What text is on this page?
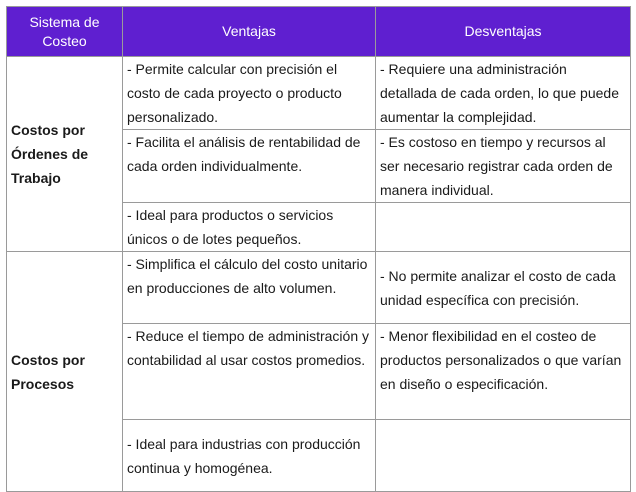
Sistema de Costeo	Ventajas	Desventajas
Costos por Órdenes de Trabajo	- Permite calcular con precisión el costo de cada proyecto o producto personalizado.	- Requiere una administración detallada de cada orden, lo que puede aumentar la complejidad.
	- Facilita el análisis de rentabilidad de cada orden individualmente.	- Es costoso en tiempo y recursos al ser necesario registrar cada orden de manera individual.
	- Ideal para productos o servicios únicos o de lotes pequeños.	
Costos por Procesos	- Simplifica el cálculo del costo unitario en producciones de alto volumen.	- No permite analizar el costo de cada unidad específica con precisión.
	- Reduce el tiempo de administración y contabilidad al usar costos promedios.	- Menor flexibilidad en el costeo de productos personalizados o que varían en diseño o especificación.
	- Ideal para industrias con producción continua y homogénea.	
